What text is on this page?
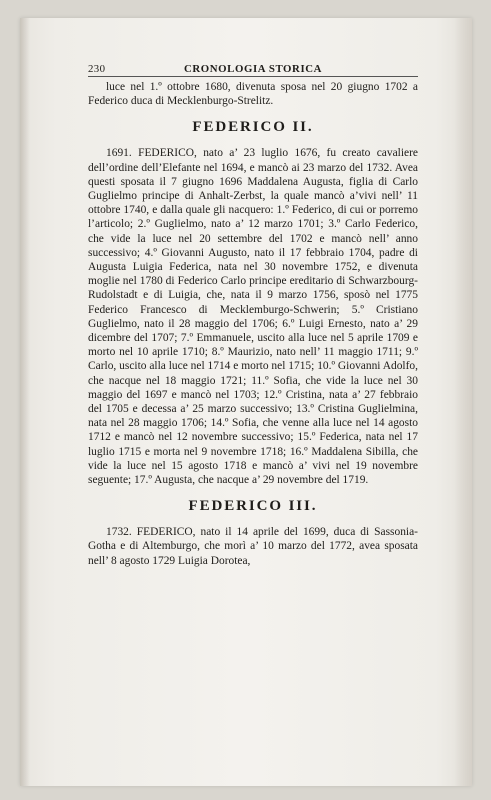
230	CRONOLOGIA STORICA

luce nel 1.º ottobre 1680, divenuta sposa nel 20 giugno 1702 a Federico duca di Mecklenburgo-Strelitz.

FEDERICO II.

1691. FEDERICO, nato a’ 23 luglio 1676, fu creato cavaliere dell’ordine dell’Elefante nel 1694, e mancò ai 23 marzo del 1732. Avea questi sposata il 7 giugno 1696 Maddalena Augusta, figlia di Carlo Guglielmo principe di Anhalt-Zerbst, la quale mancò a’vivi nell’ 11 ottobre 1740, e dalla quale gli nacquero: 1.º Federico, di cui or porremo l’articolo; 2.º Guglielmo, nato a’ 12 marzo 1701; 3.º Carlo Federico, che vide la luce nel 20 settembre del 1702 e mancò nell’ anno successivo; 4.º Giovanni Augusto, nato il 17 febbraio 1704, padre di Augusta Luigia Federica, nata nel 30 novembre 1752, e divenuta moglie nel 1780 di Federico Carlo principe ereditario di Schwarzbourg-Rudolstadt e di Luigia, che, nata il 9 marzo 1756, sposò nel 1775 Federico Francesco di Mecklemburgo-Schwerin; 5.º Cristiano Guglielmo, nato il 28 maggio del 1706; 6.º Luigi Ernesto, nato a’ 29 dicembre del 1707; 7.º Emmanuele, uscito alla luce nel 5 aprile 1709 e morto nel 10 aprile 1710; 8.º Maurizio, nato nell’ 11 maggio 1711; 9.º Carlo, uscito alla luce nel 1714 e morto nel 1715; 10.º Giovanni Adolfo, che nacque nel 18 maggio 1721; 11.º Sofia, che vide la luce nel 30 maggio del 1697 e mancò nel 1703; 12.º Cristina, nata a’ 27 febbraio del 1705 e decessa a’ 25 marzo successivo; 13.º Cristina Guglielmina, nata nel 28 maggio 1706; 14.º Sofia, che venne alla luce nel 14 agosto 1712 e mancò nel 12 novembre successivo; 15.º Federica, nata nel 17 luglio 1715 e morta nel 9 novembre 1718; 16.º Maddalena Sibilla, che vide la luce nel 15 agosto 1718 e mancò a’ vivi nel 19 novembre seguente; 17.º Augusta, che nacque a’ 29 novembre del 1719.

FEDERICO III.

1732. FEDERICO, nato il 14 aprile del 1699, duca di Sassonia-Gotha e di Altemburgo, che morì a’ 10 marzo del 1772, avea sposata nell’ 8 agosto 1729 Luigia Dorotea,
